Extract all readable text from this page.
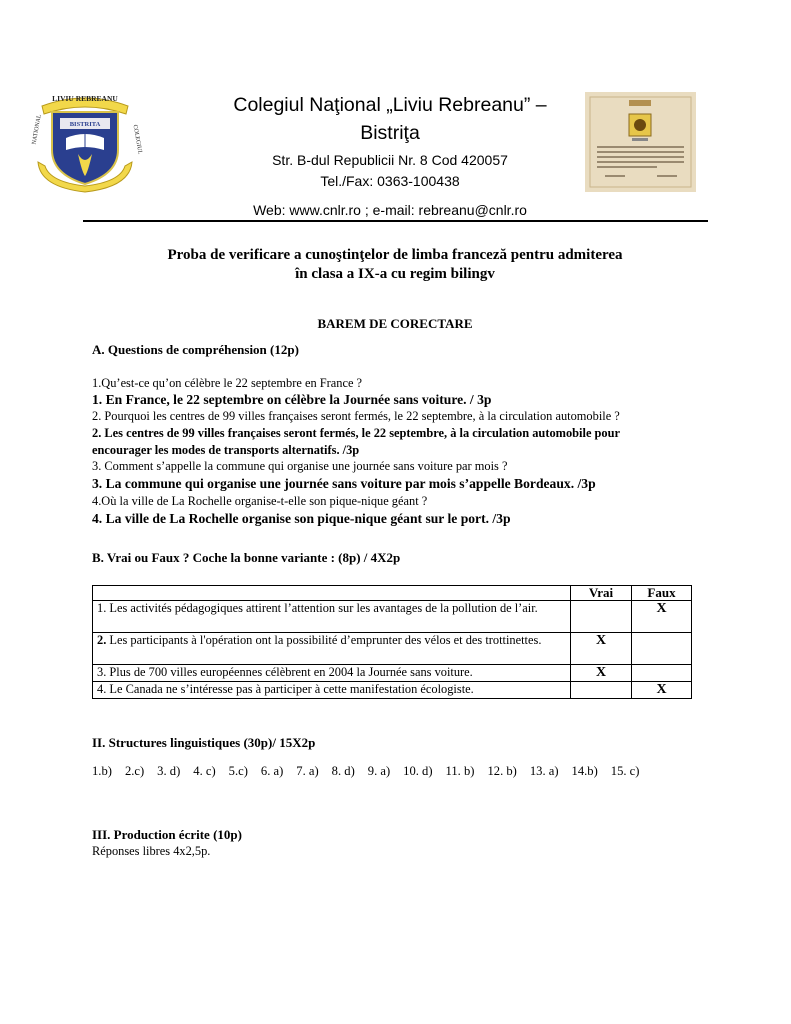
LIVIU REBREANU
BISTRITA
NATIONAL	COLEGIUL
Colegiul Naţional „Liviu Rebreanu” –
Bistriţa
Str. B-dul Republicii Nr. 8 Cod 420057
Tel./Fax: 0363-100438
Web: www.cnlr.ro ; e-mail: rebreanu@cnlr.ro
Proba de verificare a cunoştinţelor de limba franceză pentru admiterea
în clasa a IX-a cu regim bilingv
BAREM DE CORECTARE
A. Questions de compréhension (12p)
1.Qu’est-ce qu’on célèbre le 22 septembre en France ?
1. En France, le 22 septembre on célèbre la Journée sans voiture. / 3p
2. Pourquoi les centres de 99 villes françaises seront fermés, le 22 septembre, à la circulation automobile ?
2. Les centres de 99 villes françaises seront fermés, le 22 septembre, à la circulation automobile pour
encourager les modes de transports alternatifs. /3p
3. Comment s’appelle la commune qui organise une journée sans voiture par mois ?
3. La commune qui organise une journée sans voiture par mois s’appelle Bordeaux. /3p
4.Où la ville de La Rochelle organise-t-elle son pique-nique géant ?
4. La ville de La Rochelle organise son pique-nique géant sur le port. /3p
B. Vrai ou Faux ? Coche la bonne variante : (8p) / 4X2p
	Vrai	Faux
1. Les activités pédagogiques attirent l’attention sur les avantages de la pollution de l’air.		X
2. Les participants à l'opération ont la possibilité d’emprunter des vélos et des trottinettes.	X	
3. Plus de 700 villes européennes célèbrent en 2004 la Journée sans voiture.	X	
4. Le Canada ne s’intéresse pas à participer à cette manifestation écologiste.		X
II. Structures linguistiques (30p)/ 15X2p
1.b) 2.c) 3. d) 4. c) 5.c) 6. a) 7. a) 8. d) 9. a) 10. d) 11. b) 12. b) 13. a) 14.b) 15. c)
III. Production écrite (10p)
Réponses libres 4x2,5p.
